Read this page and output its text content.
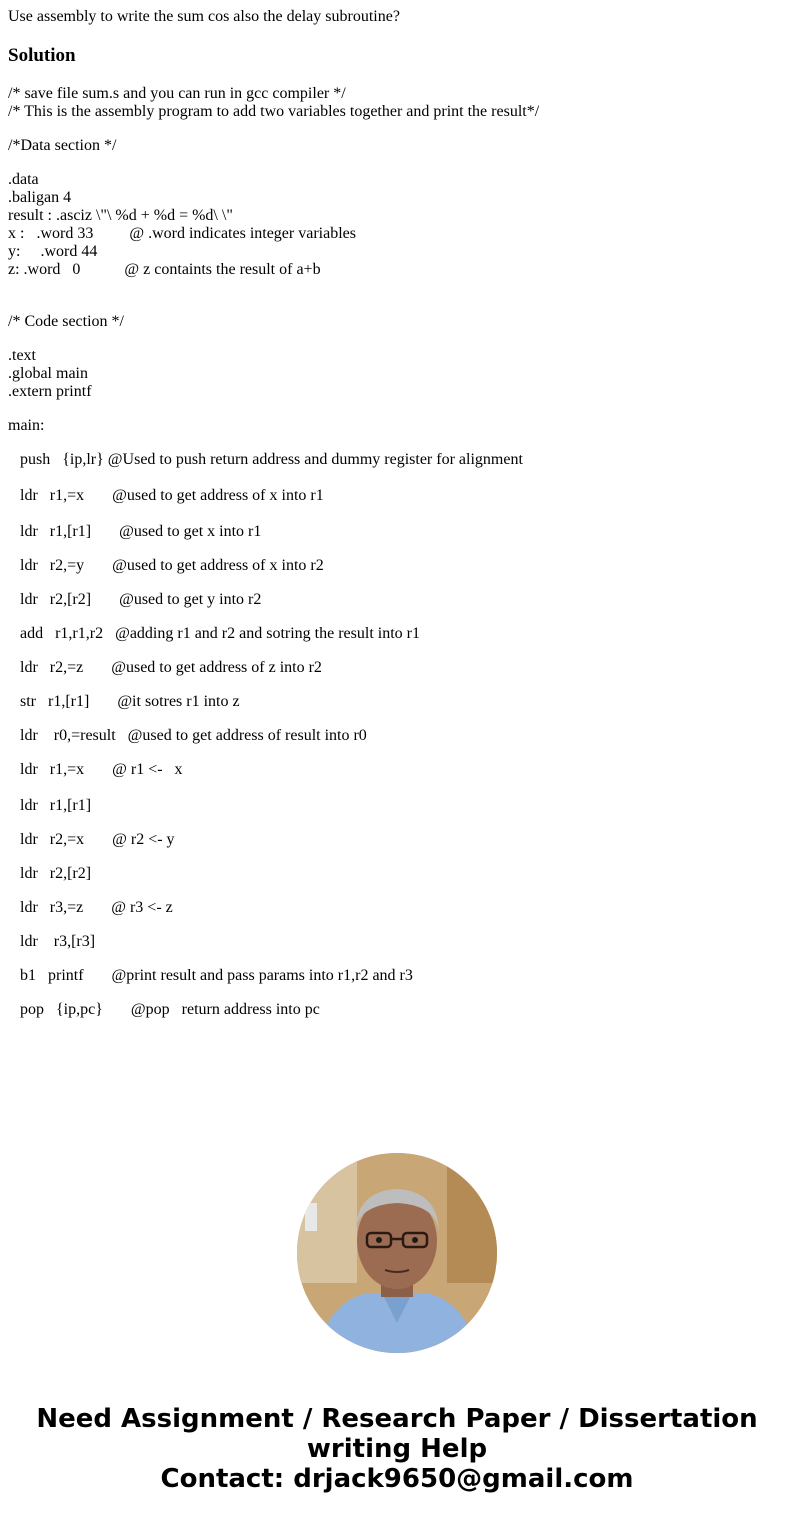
Use assembly to write the sum cos also the delay subroutine?
Solution
/* save file sum.s and you can run in gcc compiler */
/* This is the assembly program to add two variables together and print the result*/
/*Data section */
.data
.baligan 4
result : .asciz \"\ %d + %d = %d\ \"
x :   .word 33         @ .word indicates integer variables
y:     .word 44
z: .word   0           @ z containts the result of a+b
/* Code section */
.text
.global main
.extern printf
main:
push   {ip,lr} @Used to push return address and dummy register for alignment
ldr   r1,=x       @used to get address of x into r1
ldr   r1,[r1]       @used to get x into r1
ldr   r2,=y       @used to get address of x into r2
ldr   r2,[r2]       @used to get y into r2
add   r1,r1,r2   @adding r1 and r2 and sotring the result into r1
ldr   r2,=z       @used to get address of z into r2
str   r1,[r1]       @it sotres r1 into z
ldr    r0,=result   @used to get address of result into r0
ldr   r1,=x       @ r1 <-   x
ldr   r1,[r1]
ldr   r2,=x       @ r2 <- y
ldr   r2,[r2]
ldr   r3,=z       @ r3 <- z
ldr    r3,[r3]
b1   printf       @print result and pass params into r1,r2 and r3
pop   {ip,pc}       @pop   return address into pc
Need Assignment / Research Paper / Dissertation
writing Help
Contact: drjack9650@gmail.com
